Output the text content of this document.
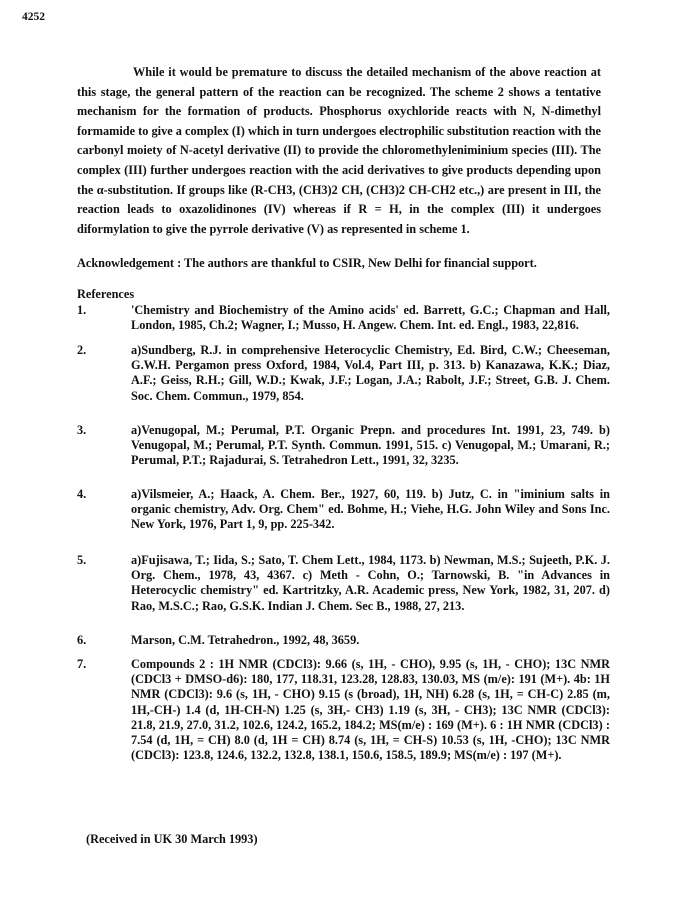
4252

While it would be premature to discuss the detailed mechanism of the above reaction at this stage, the general pattern of the reaction can be recognized. The scheme 2 shows a tentative mechanism for the formation of products. Phosphorus oxychloride reacts with N, N-dimethyl formamide to give a complex (I) which in turn undergoes electrophilic substitution reaction with the carbonyl moiety of N-acetyl derivative (II) to provide the chloromethyleniminium species (III). The complex (III) further undergoes reaction with the acid derivatives to give products depending upon the α-substitution. If groups like (R-CH3, (CH3)2 CH, (CH3)2 CH-CH2 etc.,) are present in III, the reaction leads to oxazolidinones (IV) whereas if R = H, in the complex (III) it undergoes diformylation to give the pyrrole derivative (V) as represented in scheme 1.

Acknowledgement : The authors are thankful to CSIR, New Delhi for financial support.

References

1.	'Chemistry and Biochemistry of the Amino acids' ed. Barrett, G.C.; Chapman and Hall, London, 1985, Ch.2; Wagner, I.; Musso, H. Angew. Chem. Int. ed. Engl., 1983, 22,816.
2.	a)Sundberg, R.J. in comprehensive Heterocyclic Chemistry, Ed. Bird, C.W.; Cheeseman, G.W.H. Pergamon press Oxford, 1984, Vol.4, Part III, p. 313. b) Kanazawa, K.K.; Diaz, A.F.; Geiss, R.H.; Gill, W.D.; Kwak, J.F.; Logan, J.A.; Rabolt, J.F.; Street, G.B. J. Chem. Soc. Chem. Commun., 1979, 854.
3.	a)Venugopal, M.; Perumal, P.T. Organic Prepn. and procedures Int. 1991, 23, 749. b) Venugopal, M.; Perumal, P.T. Synth. Commun. 1991, 515. c) Venugopal, M.; Umarani, R.; Perumal, P.T.; Rajadurai, S. Tetrahedron Lett., 1991, 32, 3235.
4.	a)Vilsmeier, A.; Haack, A. Chem. Ber., 1927, 60, 119. b) Jutz, C. in "iminium salts in organic chemistry, Adv. Org. Chem" ed. Bohme, H.; Viehe, H.G. John Wiley and Sons Inc. New York, 1976, Part 1, 9, pp. 225-342.
5.	a)Fujisawa, T.; Iida, S.; Sato, T. Chem Lett., 1984, 1173. b) Newman, M.S.; Sujeeth, P.K. J. Org. Chem., 1978, 43, 4367. c) Meth - Cohn, O.; Tarnowski, B. "in Advances in Heterocyclic chemistry" ed. Kartritzky, A.R. Academic press, New York, 1982, 31, 207. d) Rao, M.S.C.; Rao, G.S.K. Indian J. Chem. Sec B., 1988, 27, 213.
6.	Marson, C.M. Tetrahedron., 1992, 48, 3659.
7.	Compounds 2 : 1H NMR (CDCl3): 9.66 (s, 1H, - CHO), 9.95 (s, 1H, - CHO); 13C NMR (CDCl3 + DMSO-d6): 180, 177, 118.31, 123.28, 128.83, 130.03, MS (m/e): 191 (M+). 4b: 1H NMR (CDCl3): 9.6 (s, 1H, - CHO) 9.15 (s (broad), 1H, NH) 6.28 (s, 1H, = CH-C) 2.85 (m, 1H,-CH-) 1.4 (d, 1H-CH-N) 1.25 (s, 3H,- CH3) 1.19 (s, 3H, - CH3); 13C NMR (CDCl3): 21.8, 21.9, 27.0, 31.2, 102.6, 124.2, 165.2, 184.2; MS(m/e) : 169 (M+). 6 : 1H NMR (CDCl3) : 7.54 (d, 1H, = CH) 8.0 (d, 1H = CH) 8.74 (s, 1H, = CH-S) 10.53 (s, 1H, -CHO); 13C NMR (CDCl3): 123.8, 124.6, 132.2, 132.8, 138.1, 150.6, 158.5, 189.9; MS(m/e) : 197 (M+).
(Received in UK 30 March 1993)
